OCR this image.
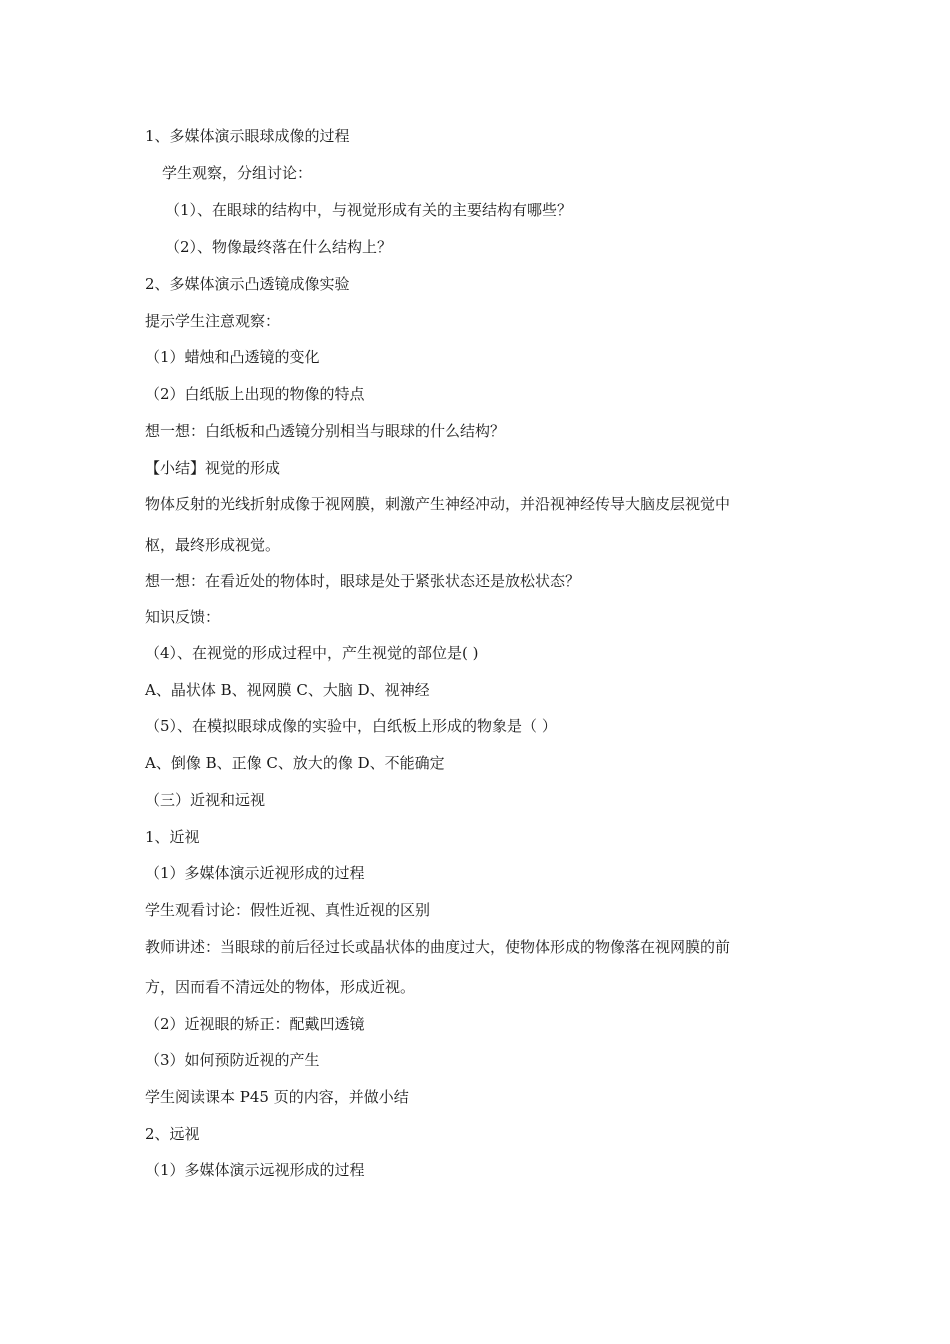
1、多媒体演示眼球成像的过程
学生观察，分组讨论：
（1）、在眼球的结构中，与视觉形成有关的主要结构有哪些？
（2）、物像最终落在什么结构上？
2、多媒体演示凸透镜成像实验
提示学生注意观察：
（1）蜡烛和凸透镜的变化
（2）白纸版上出现的物像的特点
想一想：白纸板和凸透镜分别相当与眼球的什么结构？
【小结】视觉的形成
物体反射的光线折射成像于视网膜，刺激产生神经冲动，并沿视神经传导大脑皮层视觉中
枢，最终形成视觉。
想一想：在看近处的物体时，眼球是处于紧张状态还是放松状态？
知识反馈：
（4）、在视觉的形成过程中，产生视觉的部位是( )
A、晶状体 B、视网膜 C、大脑 D、视神经
（5）、在模拟眼球成像的实验中，白纸板上形成的物象是（ ）
A、倒像 B、正像 C、放大的像 D、不能确定
（三）近视和远视
1、近视
（1）多媒体演示近视形成的过程
学生观看讨论：假性近视、真性近视的区别
教师讲述：当眼球的前后径过长或晶状体的曲度过大，使物体形成的物像落在视网膜的前
方，因而看不清远处的物体，形成近视。
（2）近视眼的矫正：配戴凹透镜
（3）如何预防近视的产生
学生阅读课本 P45 页的内容，并做小结
2、远视
（1）多媒体演示远视形成的过程
